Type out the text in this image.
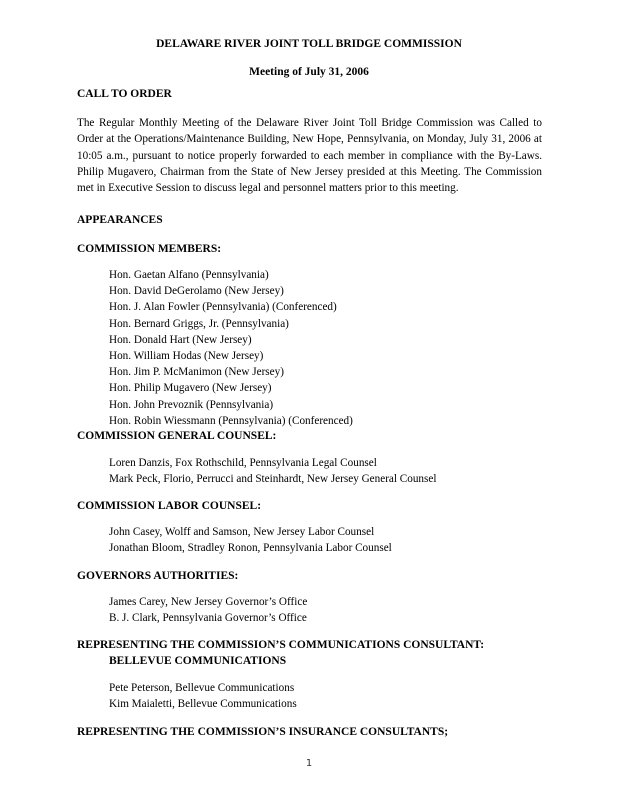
DELAWARE RIVER JOINT TOLL BRIDGE COMMISSION

Meeting of July 31, 2006

CALL TO ORDER

The Regular Monthly Meeting of the Delaware River Joint Toll Bridge Commission was Called to Order at the Operations/Maintenance Building, New Hope, Pennsylvania, on Monday, July 31, 2006 at 10:05 a.m., pursuant to notice properly forwarded to each member in compliance with the By-Laws. Philip Mugavero, Chairman from the State of New Jersey presided at this Meeting. The Commission met in Executive Session to discuss legal and personnel matters prior to this meeting.

APPEARANCES

COMMISSION MEMBERS:

Hon. Gaetan Alfano (Pennsylvania)
Hon. David DeGerolamo (New Jersey)
Hon. J. Alan Fowler (Pennsylvania) (Conferenced)
Hon. Bernard Griggs, Jr. (Pennsylvania)
Hon. Donald Hart (New Jersey)
Hon. William Hodas (New Jersey)
Hon. Jim P. McManimon (New Jersey)
Hon. Philip Mugavero (New Jersey)
Hon. John Prevoznik (Pennsylvania)
Hon. Robin Wiessmann (Pennsylvania) (Conferenced)

COMMISSION GENERAL COUNSEL:

Loren Danzis, Fox Rothschild, Pennsylvania Legal Counsel
Mark Peck, Florio, Perrucci and Steinhardt, New Jersey General Counsel

COMMISSION LABOR COUNSEL:

John Casey, Wolff and Samson, New Jersey Labor Counsel
Jonathan Bloom, Stradley Ronon, Pennsylvania Labor Counsel

GOVERNORS AUTHORITIES:

James Carey, New Jersey Governor’s Office
B. J. Clark, Pennsylvania Governor’s Office

REPRESENTING THE COMMISSION’S COMMUNICATIONS CONSULTANT:

BELLEVUE COMMUNICATIONS

Pete Peterson, Bellevue Communications
Kim Maialetti, Bellevue Communications

REPRESENTING THE COMMISSION’S INSURANCE CONSULTANTS;

1
